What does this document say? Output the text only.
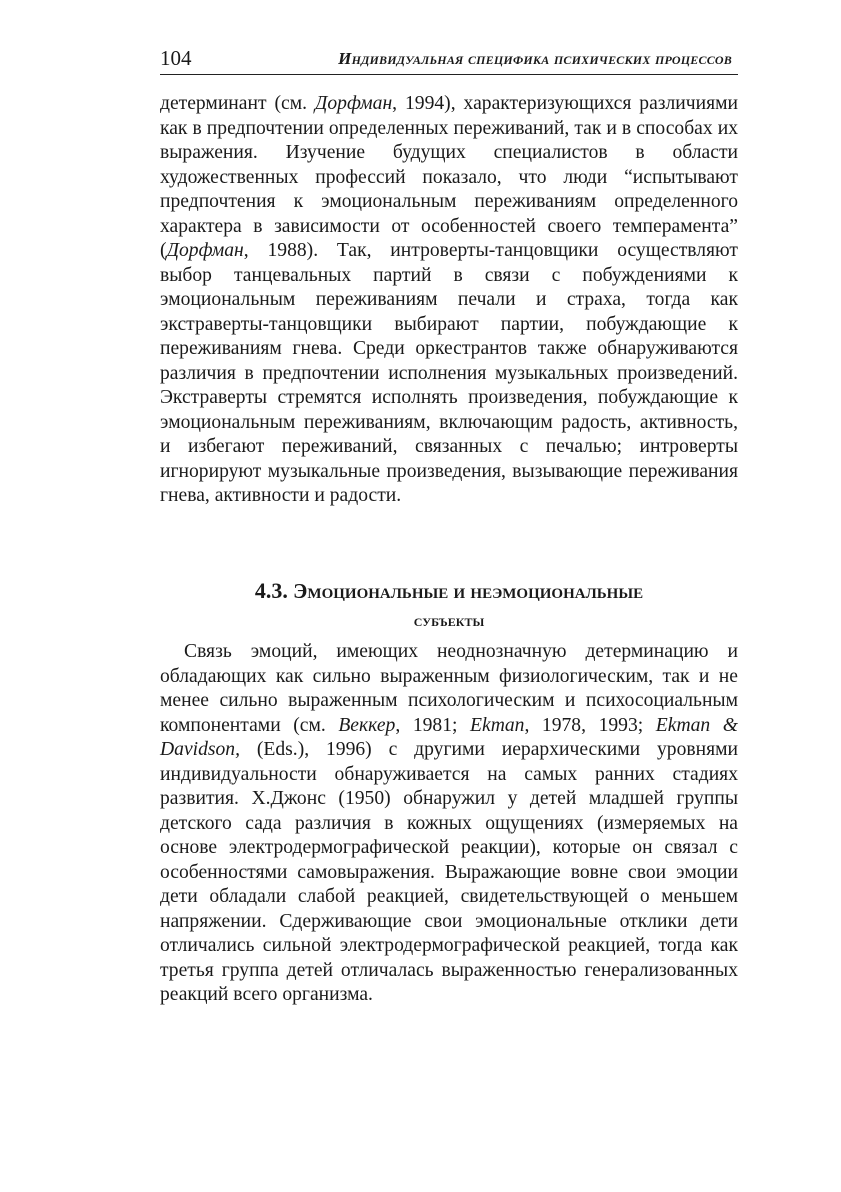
104	Индивидуальная специфика психических процессов
детерминант (см. Дорфман, 1994), характеризующихся различиями как в предпочтении определенных переживаний, так и в способах их выражения. Изучение будущих специалистов в области художественных профессий показало, что люди “испытывают предпочтения к эмоциональным переживаниям определенного характера в зависимости от особенностей своего темперамента” (Дорфман, 1988). Так, интроверты-танцовщики осуществляют выбор танцевальных партий в связи с побуждениями к эмоциональным переживаниям печали и страха, тогда как экстраверты-танцовщики выбирают партии, побуждающие к переживаниям гнева. Среди оркестрантов также обнаруживаются различия в предпочтении исполнения музыкальных произведений. Экстраверты стремятся исполнять произведения, побуждающие к эмоциональным переживаниям, включающим радость, активность, и избегают переживаний, связанных с печалью; интроверты игнорируют музыкальные произведения, вызывающие переживания гнева, активности и радости.
4.3. Эмоциональные и неэмоциональные
субъекты
Связь эмоций, имеющих неоднозначную детерминацию и обладающих как сильно выраженным физиологическим, так и не менее сильно выраженным психологическим и психосоциальным компонентами (см. Веккер, 1981; Ekman, 1978, 1993; Ekman & Davidson, (Eds.), 1996) с другими иерархическими уровнями индивидуальности обнаруживается на самых ранних стадиях развития. Х.Джонс (1950) обнаружил у детей младшей группы детского сада различия в кожных ощущениях (измеряемых на основе электродермографической реакции), которые он связал с особенностями самовыражения. Выражающие вовне свои эмоции дети обладали слабой реакцией, свидетельствующей о меньшем напряжении. Сдерживающие свои эмоциональные отклики дети отличались сильной электродермографической реакцией, тогда как третья группа детей отличалась выраженностью генерализованных реакций всего организма.
